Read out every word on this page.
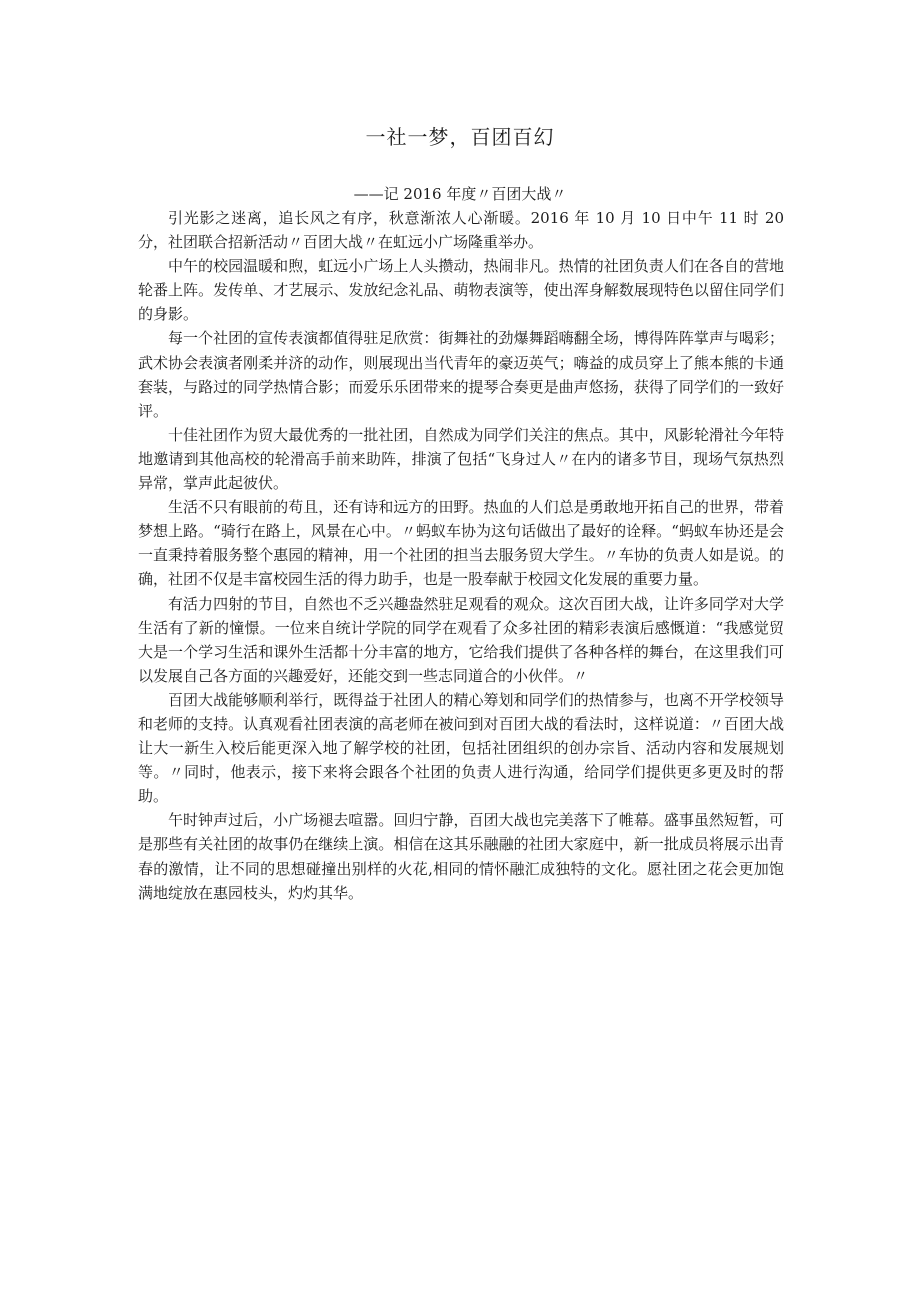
一社一梦，百团百幻
——记 2016 年度〃百团大战〃

引光影之迷离，追长风之有序，秋意渐浓人心渐暖。2016 年 10 月 10 日中午 11 时 20 分，社团联合招新活动〃百团大战〃在虹远小广场隆重举办。

中午的校园温暖和煦，虹远小广场上人头攒动，热闹非凡。热情的社团负责人们在各自的营地轮番上阵。发传单、才艺展示、发放纪念礼品、萌物表演等，使出浑身解数展现特色以留住同学们的身影。

每一个社团的宣传表演都值得驻足欣赏：街舞社的劲爆舞蹈嗨翻全场，博得阵阵掌声与喝彩；武术协会表演者刚柔并济的动作，则展现出当代青年的豪迈英气；嗨益的成员穿上了熊本熊的卡通套装，与路过的同学热情合影；而爱乐乐团带来的提琴合奏更是曲声悠扬，获得了同学们的一致好评。

十佳社团作为贸大最优秀的一批社团，自然成为同学们关注的焦点。其中，风影轮滑社今年特地邀请到其他高校的轮滑高手前来助阵，排演了包括“飞身过人〃在内的诸多节目，现场气氛热烈异常，掌声此起彼伏。

生活不只有眼前的苟且，还有诗和远方的田野。热血的人们总是勇敢地开拓自己的世界，带着梦想上路。“骑行在路上，风景在心中。〃蚂蚁车协为这句话做出了最好的诠释。“蚂蚁车协还是会一直秉持着服务整个惠园的精神，用一个社团的担当去服务贸大学生。〃车协的负责人如是说。的确，社团不仅是丰富校园生活的得力助手，也是一股奉献于校园文化发展的重要力量。

有活力四射的节目，自然也不乏兴趣盎然驻足观看的观众。这次百团大战，让许多同学对大学生活有了新的憧憬。一位来自统计学院的同学在观看了众多社团的精彩表演后感慨道：“我感觉贸大是一个学习生活和课外生活都十分丰富的地方，它给我们提供了各种各样的舞台，在这里我们可以发展自己各方面的兴趣爱好，还能交到一些志同道合的小伙伴。〃

百团大战能够顺利举行，既得益于社团人的精心筹划和同学们的热情参与，也离不开学校领导和老师的支持。认真观看社团表演的高老师在被问到对百团大战的看法时，这样说道：〃百团大战让大一新生入校后能更深入地了解学校的社团，包括社团组织的创办宗旨、活动内容和发展规划等。〃同时，他表示，接下来将会跟各个社团的负责人进行沟通，给同学们提供更多更及时的帮助。

午时钟声过后，小广场褪去喧嚣。回归宁静，百团大战也完美落下了帷幕。盛事虽然短暂，可是那些有关社团的故事仍在继续上演。相信在这其乐融融的社团大家庭中，新一批成员将展示出青春的激情，让不同的思想碰撞出别样的火花,相同的情怀融汇成独特的文化。愿社团之花会更加饱满地绽放在惠园枝头，灼灼其华。
